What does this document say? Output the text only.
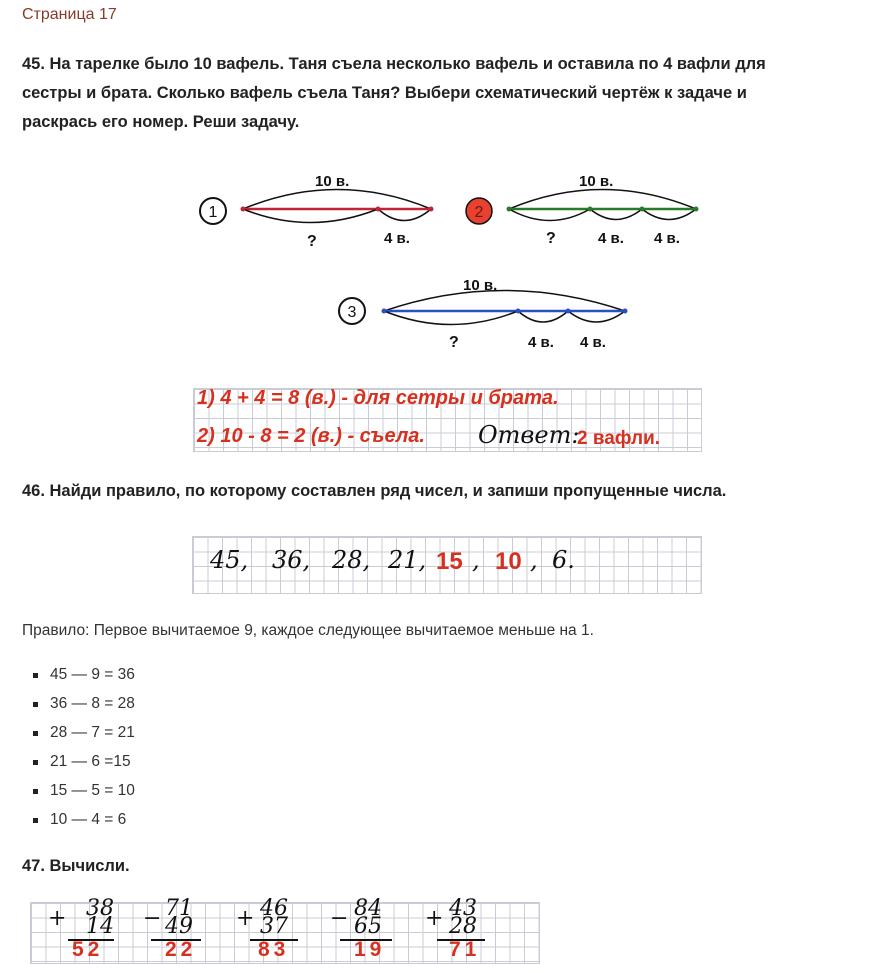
Страница 17
45. На тарелке было 10 вафель. Таня съела несколько вафель и оставила по 4 вафли для
сестры и брата. Сколько вафель съела Таня? Выбери схематический чертёж к задаче и
раскрась его номер. Реши задачу.
1
10 в.
?	4 в.
2
10 в.
?	4 в. 4 в.
3
10 в.
?	4 в. 4 в.
1) 4 + 4 = 8 (в.) - для сетры и брата.
2) 10 - 8 = 2 (в.) - съела. Ответ:
2 вафли.
46. Найди правило, по которому составлен ряд чисел, и запиши пропущенные числа.
45, 36, 28, 21, 15 , 10 , 6.
Правило: Первое вычитаемое 9, каждое следующее вычитаемое меньше на 1.
45 — 9 = 36
36 — 8 = 28
28 — 7 = 21
21 — 6 =15
15 — 5 = 10
10 — 4 = 6
47. Вычисли.
+ 38
14
52
− 71
49
22
+ 46
37
83
− 84
65
19
+ 43
28
71
